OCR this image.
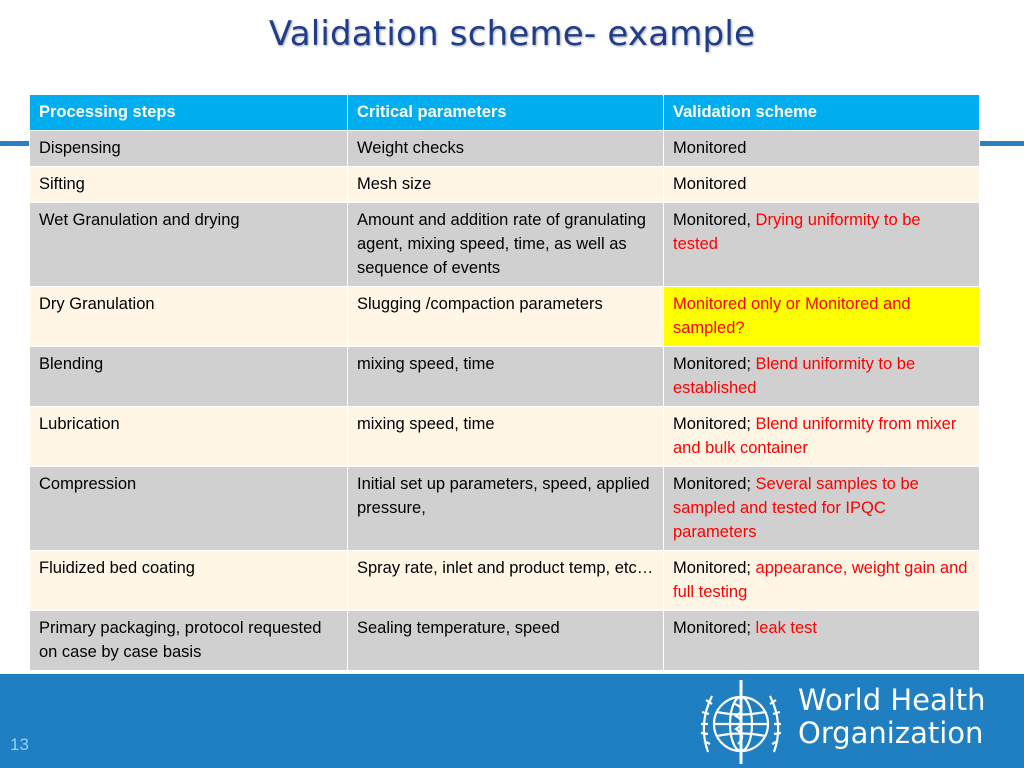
Validation scheme- example
Processing steps	Critical parameters	Validation scheme
Dispensing	Weight checks	Monitored
Sifting	Mesh size	Monitored
Wet Granulation and drying	Amount and addition rate of granulating agent, mixing speed, time, as well as sequence of events	Monitored, Drying uniformity to be tested
Dry Granulation	Slugging /compaction parameters	Monitored only or Monitored and sampled?
Blending	mixing speed, time	Monitored; Blend uniformity to be established
Lubrication	mixing speed, time	Monitored; Blend uniformity from mixer and bulk container
Compression	Initial set up parameters, speed, applied pressure,	Monitored; Several samples to be sampled and tested for IPQC parameters
Fluidized bed coating	Spray rate, inlet and product temp, etc…	Monitored; appearance, weight gain and full testing
Primary packaging, protocol requested on case by case basis	Sealing temperature, speed	Monitored; leak test
13
World Health
Organization
